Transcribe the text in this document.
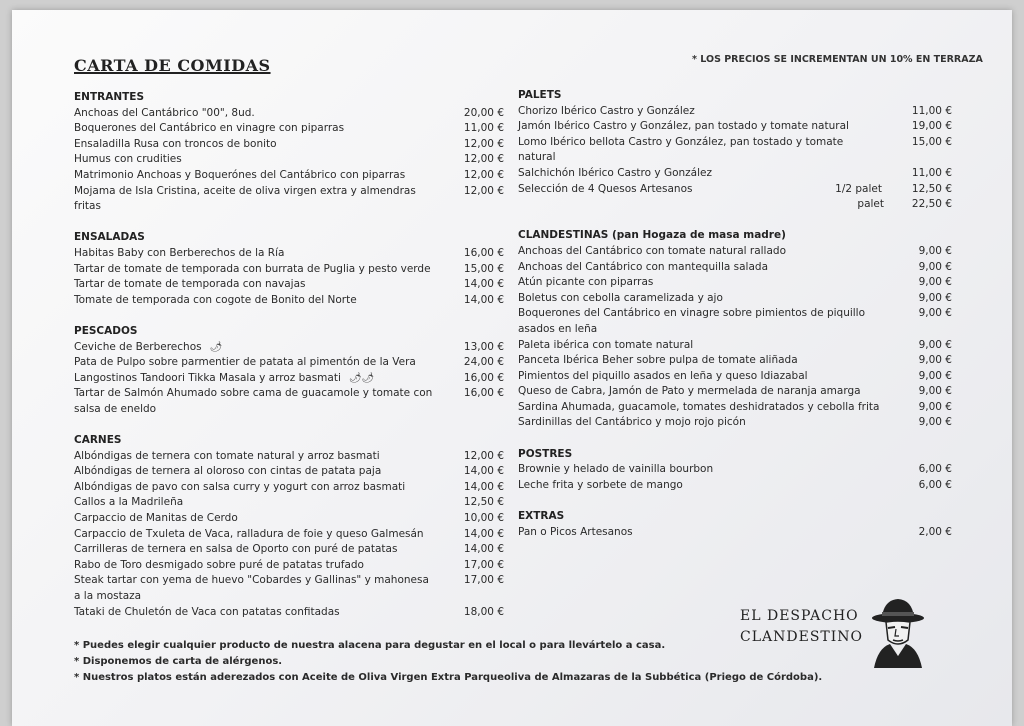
CARTA DE COMIDAS	* LOS PRECIOS SE INCREMENTAN UN 10% EN TERRAZA
ENTRANTES
Anchoas del Cantábrico "00", 8ud.	20,00 €
Boquerones del Cantábrico en vinagre con piparras	11,00 €
Ensaladilla Rusa con troncos de bonito	12,00 €
Humus con crudities	12,00 €
Matrimonio Anchoas y Boquerónes del Cantábrico con piparras	12,00 €
Mojama de Isla Cristina, aceite de oliva virgen extra y almendras fritas
12,00 €
ENSALADAS
Habitas Baby con Berberechos de la Ría	16,00 €
Tartar de tomate de temporada con burrata de Puglia y pesto verde	15,00 €
Tartar de tomate de temporada con navajas	14,00 €
Tomate de temporada con cogote de Bonito del Norte	14,00 €
PESCADOS
Ceviche de Berberechos 🌶	13,00 €
Pata de Pulpo sobre parmentier de patata al pimentón de la Vera	24,00 €
Langostinos Tandoori Tikka Masala y arroz basmati 🌶🌶	16,00 €
Tartar de Salmón Ahumado sobre cama de guacamole y tomate con salsa de eneldo
16,00 €
CARNES
Albóndigas de ternera con tomate natural y arroz basmati	12,00 €
Albóndigas de ternera al oloroso con cintas de patata paja	14,00 €
Albóndigas de pavo con salsa curry y yogurt con arroz basmati	14,00 €
Callos a la Madrileña	12,50 €
Carpaccio de Manitas de Cerdo	10,00 €
Carpaccio de Txuleta de Vaca, ralladura de foie y queso Galmesán	14,00 €
Carrilleras de ternera en salsa de Oporto con puré de patatas	14,00 €
Rabo de Toro desmigado sobre puré de patatas trufado	17,00 €
Steak tartar con yema de huevo "Cobardes y Gallinas" y mahonesa a la mostaza
17,00 €
Tataki de Chuletón de Vaca con patatas confitadas	18,00 €
PALETS
Chorizo Ibérico Castro y González	11,00 €
Jamón Ibérico Castro y González, pan tostado y tomate natural	19,00 €
Lomo Ibérico bellota Castro y González, pan tostado y tomate natural
15,00 €
Salchichón Ibérico Castro y González	11,00 €
Selección de 4 Quesos Artesanos	1/2 palet	12,50 €
palet	22,50 €
CLANDESTINAS (pan Hogaza de masa madre)
Anchoas del Cantábrico con tomate natural rallado	9,00 €
Anchoas del Cantábrico con mantequilla salada	9,00 €
Atún picante con piparras	9,00 €
Boletus con cebolla caramelizada y ajo	9,00 €
Boquerones del Cantábrico en vinagre sobre pimientos de piquillo asados en leña
9,00 €
Paleta ibérica con tomate natural	9,00 €
Panceta Ibérica Beher sobre pulpa de tomate aliñada	9,00 €
Pimientos del piquillo asados en leña y queso Idiazabal	9,00 €
Queso de Cabra, Jamón de Pato y mermelada de naranja amarga	9,00 €
Sardina Ahumada, guacamole, tomates deshidratados y cebolla frita	9,00 €
Sardinillas del Cantábrico y mojo rojo picón	9,00 €
POSTRES
Brownie y helado de vainilla bourbon	6,00 €
Leche frita y sorbete de mango	6,00 €
EXTRAS
Pan o Picos Artesanos	2,00 €
* Puedes elegir cualquier producto de nuestra alacena para degustar en el local o para llevártelo a casa.
* Disponemos de carta de alérgenos.
* Nuestros platos están aderezados con Aceite de Oliva Virgen Extra Parqueoliva de Almazaras de la Subbética (Priego de Córdoba).
EL DESPACHO
CLANDESTINO
